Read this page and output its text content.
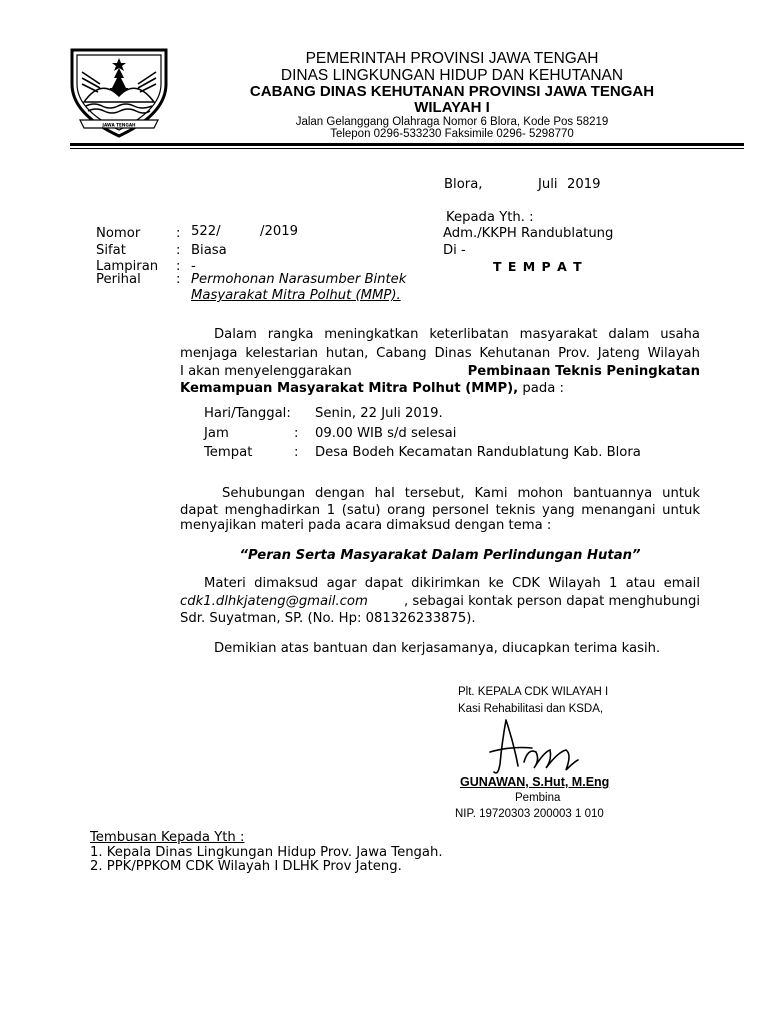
JAWA TENGAH
PEMERINTAH PROVINSI JAWA TENGAH
DINAS LINGKUNGAN HIDUP DAN KEHUTANAN
CABANG DINAS KEHUTANAN PROVINSI JAWA TENGAH
WILAYAH I
Jalan Gelanggang Olahraga Nomor 6 Blora, Kode Pos 58219
Telepon 0296-533230 Faksimile 0296- 5298770
Blora,	Juli 2019
Kepada Yth. :
Adm./KKPH Randublatung
Di -
T E M P A T
Nomor	: 522/	/2019
Sifat	: Biasa
Lampiran : -
Perihal	: Permohonan Narasumber Bintek
Masyarakat Mitra Polhut (MMP).
Dalam rangka meningkatkan keterlibatan masyarakat dalam usaha
menjaga kelestarian hutan, Cabang Dinas Kehutanan Prov. Jateng Wilayah
I akan menyelenggarakan	Pembinaan Teknis Peningkatan
Kemampuan Masyarakat Mitra Polhut (MMP), pada :
Hari/Tanggal: Senin, 22 Juli 2019.
Jam	: 09.00 WIB s/d selesai
Tempat	: Desa Bodeh Kecamatan Randublatung Kab. Blora
Sehubungan dengan hal tersebut, Kami mohon bantuannya untuk
dapat menghadirkan 1 (satu) orang personel teknis yang menangani untuk
menyajikan materi pada acara dimaksud dengan tema :
“Peran Serta Masyarakat Dalam Perlindungan Hutan”
Materi dimaksud agar dapat dikirimkan ke CDK Wilayah 1 atau email
cdk1.dlhkjateng@gmail.com	, sebagai kontak person dapat menghubungi
Sdr. Suyatman, SP. (No. Hp: 081326233875).
Demikian atas bantuan dan kerjasamanya, diucapkan terima kasih.
Plt. KEPALA CDK WILAYAH I
Kasi Rehabilitasi dan KSDA,
GUNAWAN, S.Hut, M.Eng
Pembina
NIP. 19720303 200003 1 010
Tembusan Kepada Yth :
1. Kepala Dinas Lingkungan Hidup Prov. Jawa Tengah.
2. PPK/PPKOM CDK Wilayah I DLHK Prov Jateng.
